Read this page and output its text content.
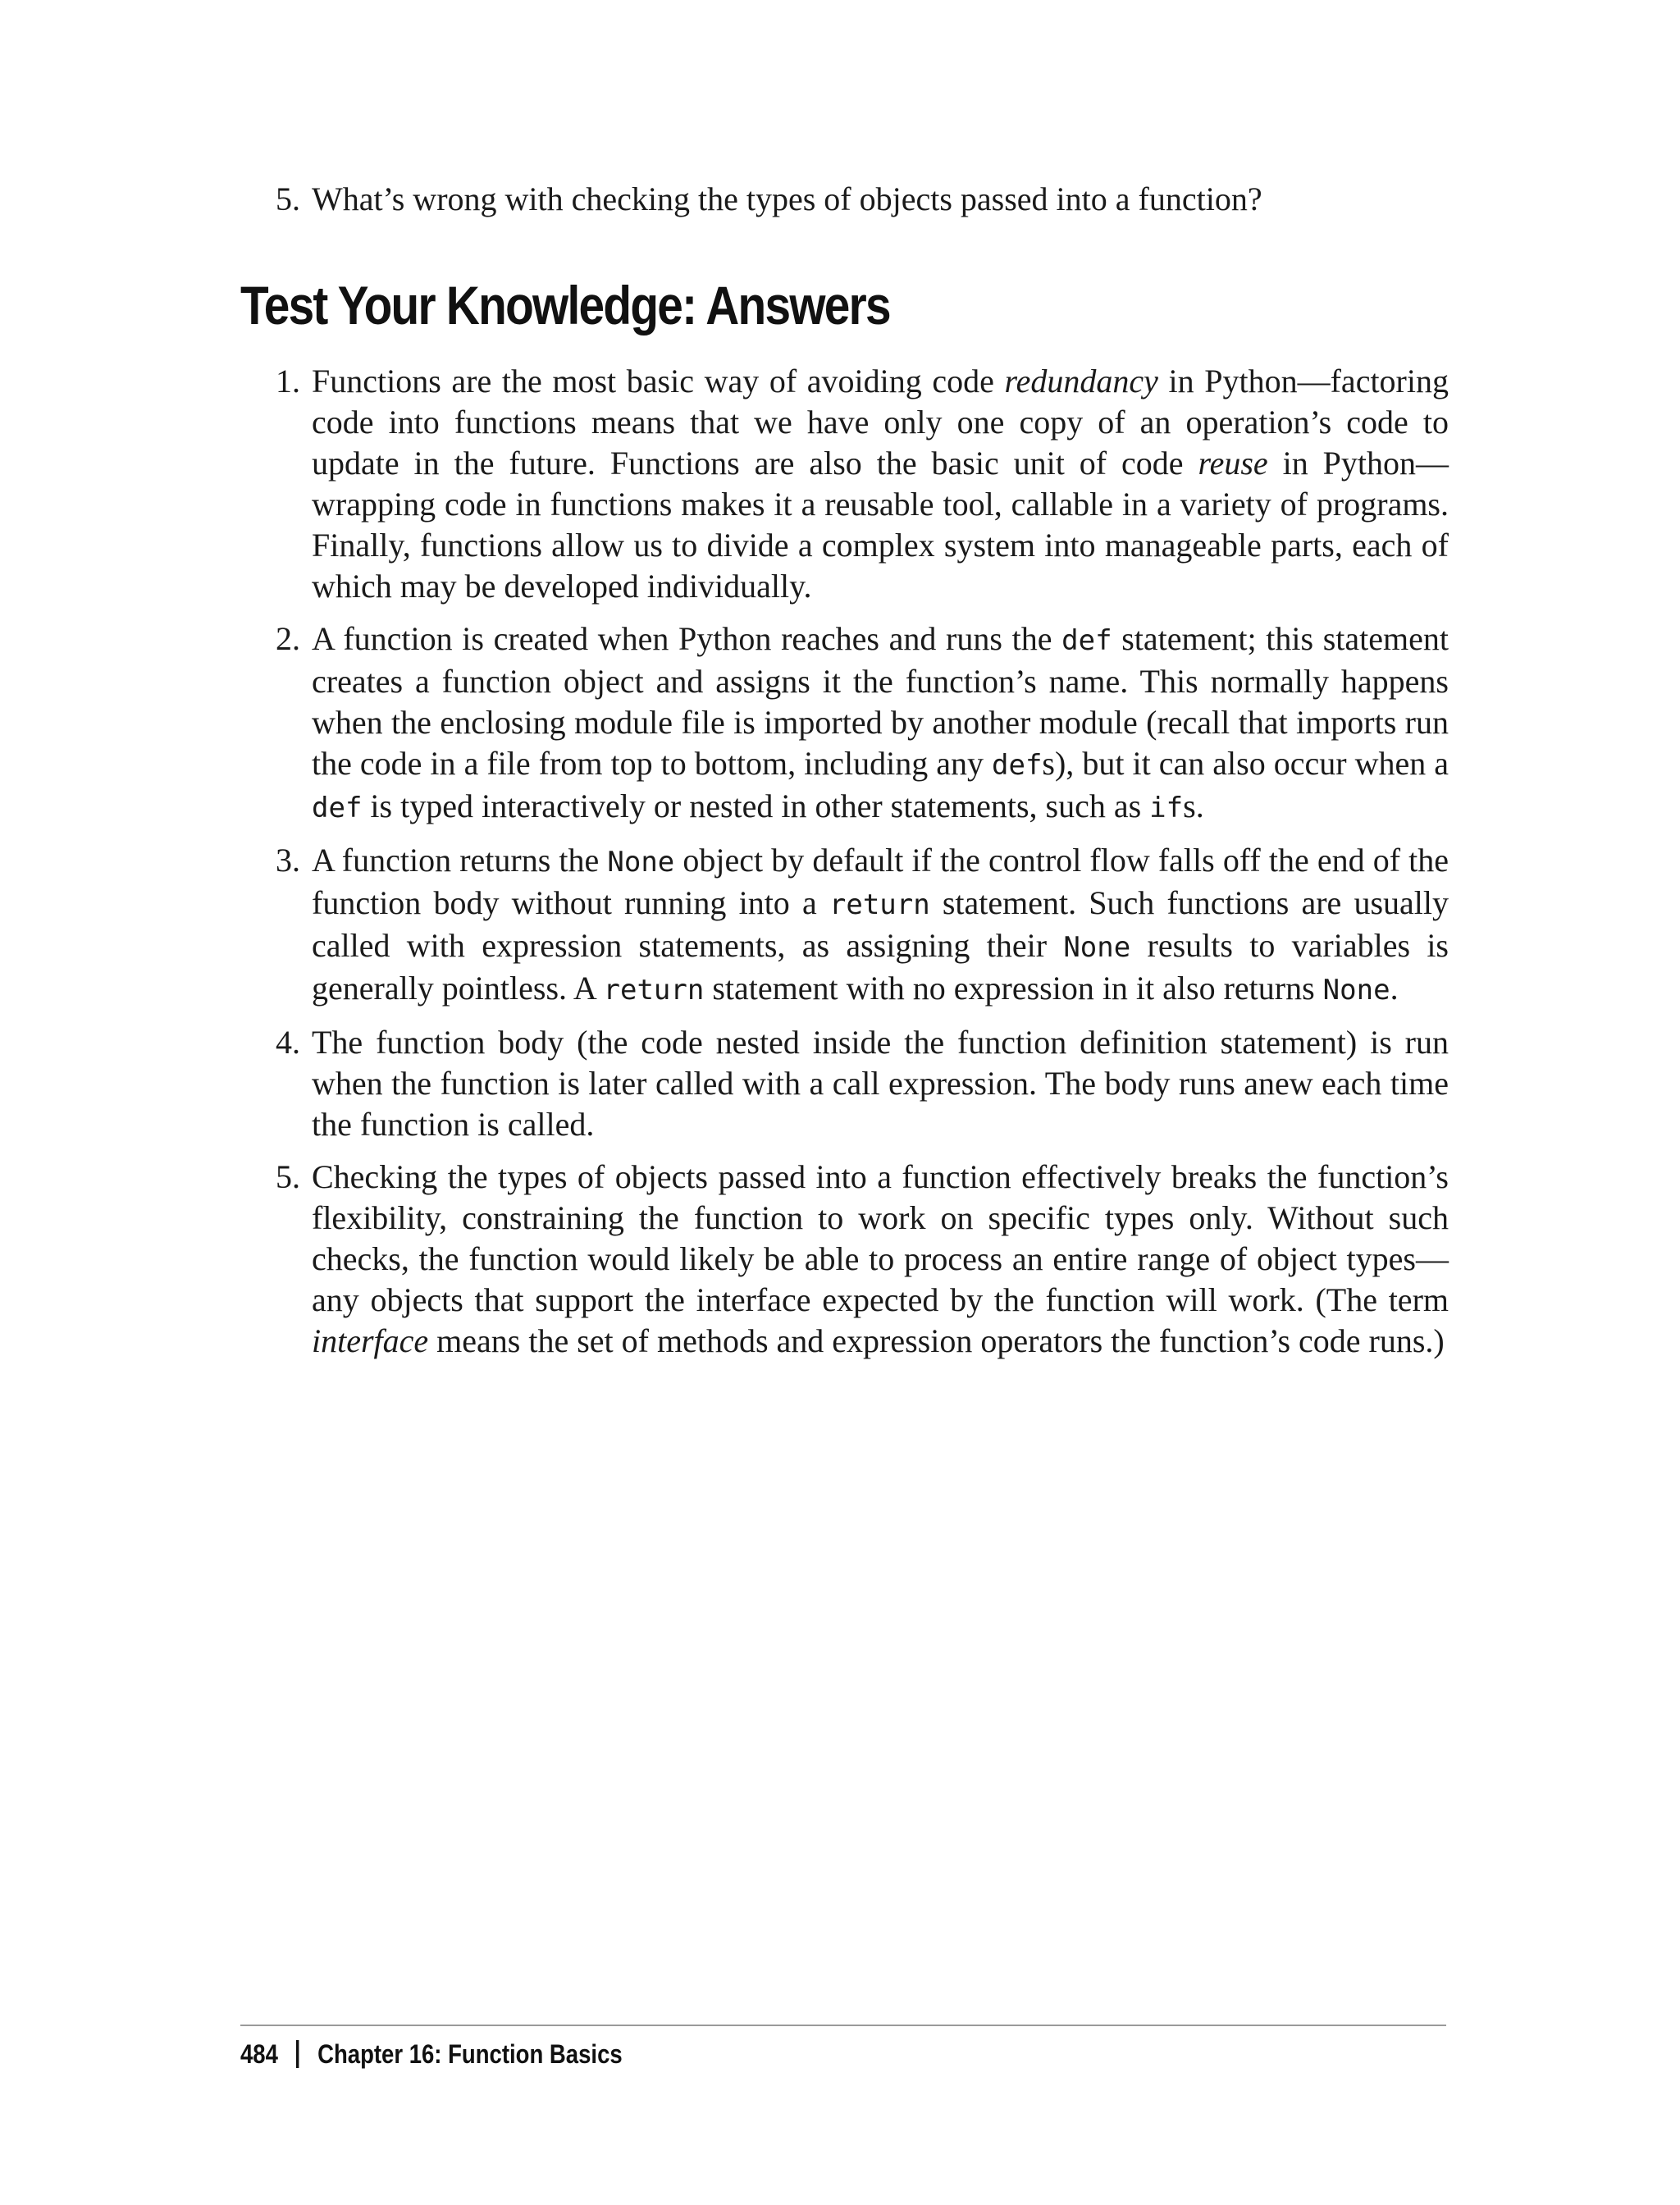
5. What’s wrong with checking the types of objects passed into a function?
Test Your Knowledge: Answers
1. Functions are the most basic way of avoiding code redundancy in Python—factoring code into functions means that we have only one copy of an operation’s code to update in the future. Functions are also the basic unit of code reuse in Python—wrapping code in functions makes it a reusable tool, callable in a variety of programs. Finally, functions allow us to divide a complex system into manageable parts, each of which may be developed individually.
2. A function is created when Python reaches and runs the def statement; this statement creates a function object and assigns it the function’s name. This normally happens when the enclosing module file is imported by another module (recall that imports run the code in a file from top to bottom, including any defs), but it can also occur when a def is typed interactively or nested in other statements, such as ifs.
3. A function returns the None object by default if the control flow falls off the end of the function body without running into a return statement. Such functions are usually called with expression statements, as assigning their None results to variables is generally pointless. A return statement with no expression in it also returns None.
4. The function body (the code nested inside the function definition statement) is run when the function is later called with a call expression. The body runs anew each time the function is called.
5. Checking the types of objects passed into a function effectively breaks the function’s flexibility, constraining the function to work on specific types only. Without such checks, the function would likely be able to process an entire range of object types—any objects that support the interface expected by the function will work. (The term interface means the set of methods and expression operators the function’s code runs.)
484 Chapter 16: Function Basics
